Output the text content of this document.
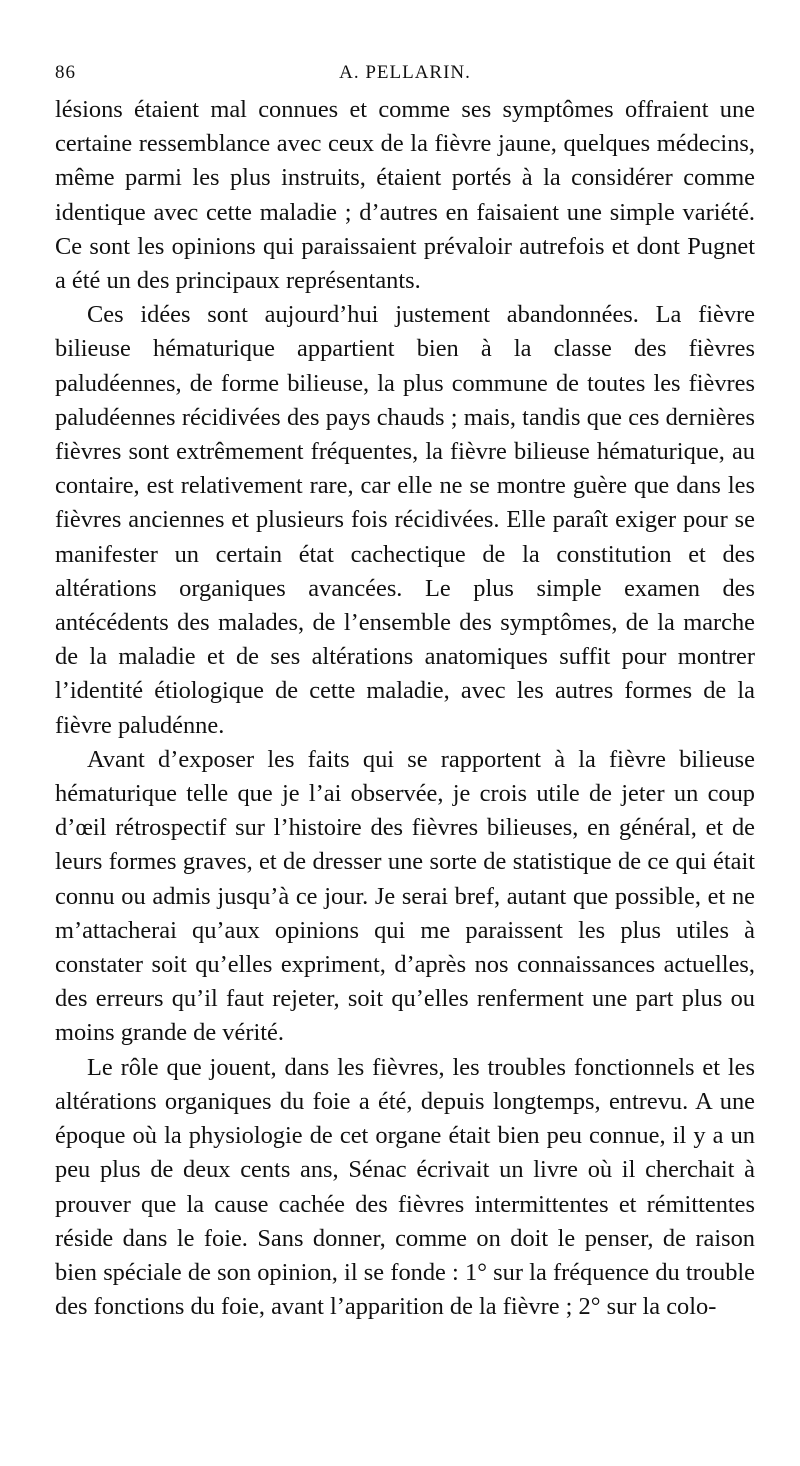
86	A. PELLARIN.

lésions étaient mal connues et comme ses symptômes offraient une certaine ressemblance avec ceux de la fièvre jaune, quelques médecins, même parmi les plus instruits, étaient portés à la considérer comme identique avec cette maladie ; d’autres en faisaient une simple variété. Ce sont les opinions qui paraissaient prévaloir autrefois et dont Pugnet a été un des principaux représentants.

Ces idées sont aujourd’hui justement abandonnées. La fièvre bilieuse hématurique appartient bien à la classe des fièvres paludéennes, de forme bilieuse, la plus commune de toutes les fièvres paludéennes récidivées des pays chauds ; mais, tandis que ces dernières fièvres sont extrêmement fréquentes, la fièvre bilieuse hématurique, au contaire, est relativement rare, car elle ne se montre guère que dans les fièvres anciennes et plusieurs fois récidivées. Elle paraît exiger pour se manifester un certain état cachectique de la constitution et des altérations organiques avancées. Le plus simple examen des antécédents des malades, de l’ensemble des symptômes, de la marche de la maladie et de ses altérations anatomiques suffit pour montrer l’identité étiologique de cette maladie, avec les autres formes de la fièvre paludénne.

Avant d’exposer les faits qui se rapportent à la fièvre bilieuse hématurique telle que je l’ai observée, je crois utile de jeter un coup d’œil rétrospectif sur l’histoire des fièvres bilieuses, en général, et de leurs formes graves, et de dresser une sorte de statistique de ce qui était connu ou admis jusqu’à ce jour. Je serai bref, autant que possible, et ne m’attacherai qu’aux opinions qui me paraissent les plus utiles à constater soit qu’elles expriment, d’après nos connaissances actuelles, des erreurs qu’il faut rejeter, soit qu’elles renferment une part plus ou moins grande de vérité.

Le rôle que jouent, dans les fièvres, les troubles fonctionnels et les altérations organiques du foie a été, depuis longtemps, entrevu. A une époque où la physiologie de cet organe était bien peu connue, il y a un peu plus de deux cents ans, Sénac écrivait un livre où il cherchait à prouver que la cause cachée des fièvres intermittentes et rémittentes réside dans le foie. Sans donner, comme on doit le penser, de raison bien spéciale de son opinion, il se fonde : 1° sur la fréquence du trouble des fonctions du foie, avant l’apparition de la fièvre ; 2° sur la colo-
